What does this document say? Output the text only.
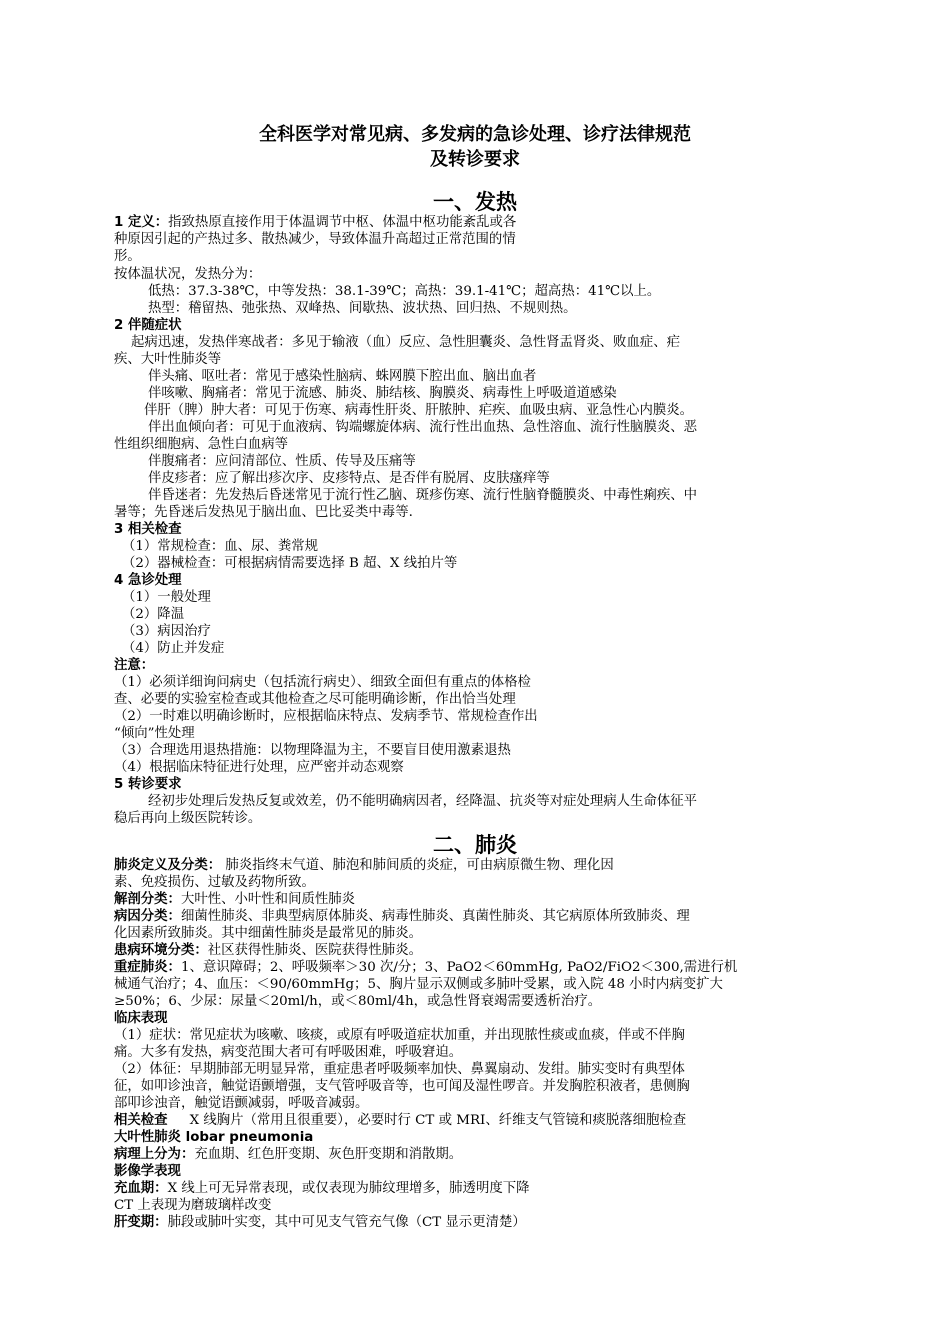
全科医学对常见病、多发病的急诊处理、诊疗法律规范
及转诊要求
一、发热
1 定义：指致热原直接作用于体温调节中枢、体温中枢功能紊乱或各
种原因引起的产热过多、散热减少，导致体温升高超过正常范围的情
形。
按体温状况，发热分为：
低热：37.3-38℃，中等发热：38.1-39℃；高热：39.1-41℃；超高热：41℃以上。
热型：稽留热、弛张热、双峰热、间歇热、波状热、回归热、不规则热。
2 伴随症状
起病迅速，发热伴寒战者：多见于输液（血）反应、急性胆囊炎、急性肾盂肾炎、败血症、疟
疾、大叶性肺炎等
伴头痛、呕吐者：常见于感染性脑病、蛛网膜下腔出血、脑出血者
伴咳嗽、胸痛者：常见于流感、肺炎、肺结核、胸膜炎、病毒性上呼吸道道感染
伴肝（脾）肿大者：可见于伤寒、病毒性肝炎、肝脓肿、疟疾、血吸虫病、亚急性心内膜炎。
伴出血倾向者：可见于血液病、钩端螺旋体病、流行性出血热、急性溶血、流行性脑膜炎、恶
性组织细胞病、急性白血病等
伴腹痛者：应问清部位、性质、传导及压痛等
伴皮疹者：应了解出疹次序、皮疹特点、是否伴有脱屑、皮肤瘙痒等
伴昏迷者：先发热后昏迷常见于流行性乙脑、斑疹伤寒、流行性脑脊髓膜炎、中毒性痢疾、中
暑等；先昏迷后发热见于脑出血、巴比妥类中毒等.
3 相关检查
（1）常规检查：血、尿、粪常规
（2）器械检查：可根据病情需要选择 B 超、X 线拍片等
4 急诊处理
（1）一般处理
（2）降温
（3）病因治疗
（4）防止并发症
注意：
（1）必须详细询问病史（包括流行病史）、细致全面但有重点的体格检
查、必要的实验室检查或其他检查之尽可能明确诊断，作出恰当处理
（2）一时难以明确诊断时，应根据临床特点、发病季节、常规检查作出
“倾向”性处理
（3）合理选用退热措施：以物理降温为主，不要盲目使用激素退热
（4）根据临床特征进行处理，应严密并动态观察
5 转诊要求
经初步处理后发热反复或效差，仍不能明确病因者，经降温、抗炎等对症处理病人生命体征平
稳后再向上级医院转诊。
二、肺炎
肺炎定义及分类： 肺炎指终末气道、肺泡和肺间质的炎症，可由病原微生物、理化因
素、免疫损伤、过敏及药物所致。
解剖分类：大叶性、小叶性和间质性肺炎
病因分类：细菌性肺炎、非典型病原体肺炎、病毒性肺炎、真菌性肺炎、其它病原体所致肺炎、理
化因素所致肺炎。其中细菌性肺炎是最常见的肺炎。
患病环境分类：社区获得性肺炎、医院获得性肺炎。
重症肺炎：1、意识障碍；2、呼吸频率＞30 次/分；3、PaO2＜60mmHg, PaO2/FiO2＜300,需进行机
械通气治疗；4、血压：＜90/60mmHg；5、胸片显示双侧或多肺叶受累，或入院 48 小时内病变扩大
≥50%；6、少尿：尿量＜20ml/h，或＜80ml/4h，或急性肾衰竭需要透析治疗。
临床表现
（1）症状：常见症状为咳嗽、咳痰，或原有呼吸道症状加重，并出现脓性痰或血痰，伴或不伴胸
痛。大多有发热，病变范围大者可有呼吸困难，呼吸窘迫。
（2）体征：早期肺部无明显异常，重症患者呼吸频率加快、鼻翼扇动、发绀。肺实变时有典型体
征，如叩诊浊音，触觉语颤增强，支气管呼吸音等，也可闻及湿性啰音。并发胸腔积液者，患侧胸
部叩诊浊音，触觉语颤减弱，呼吸音减弱。
相关检查 X 线胸片（常用且很重要），必要时行 CT 或 MRI、纤维支气管镜和痰脱落细胞检查
大叶性肺炎 lobar pneumonia
病理上分为：充血期、红色肝变期、灰色肝变期和消散期。
影像学表现
充血期：X 线上可无异常表现，或仅表现为肺纹理增多，肺透明度下降
CT 上表现为磨玻璃样改变
肝变期：肺段或肺叶实变，其中可见支气管充气像（CT 显示更清楚）
